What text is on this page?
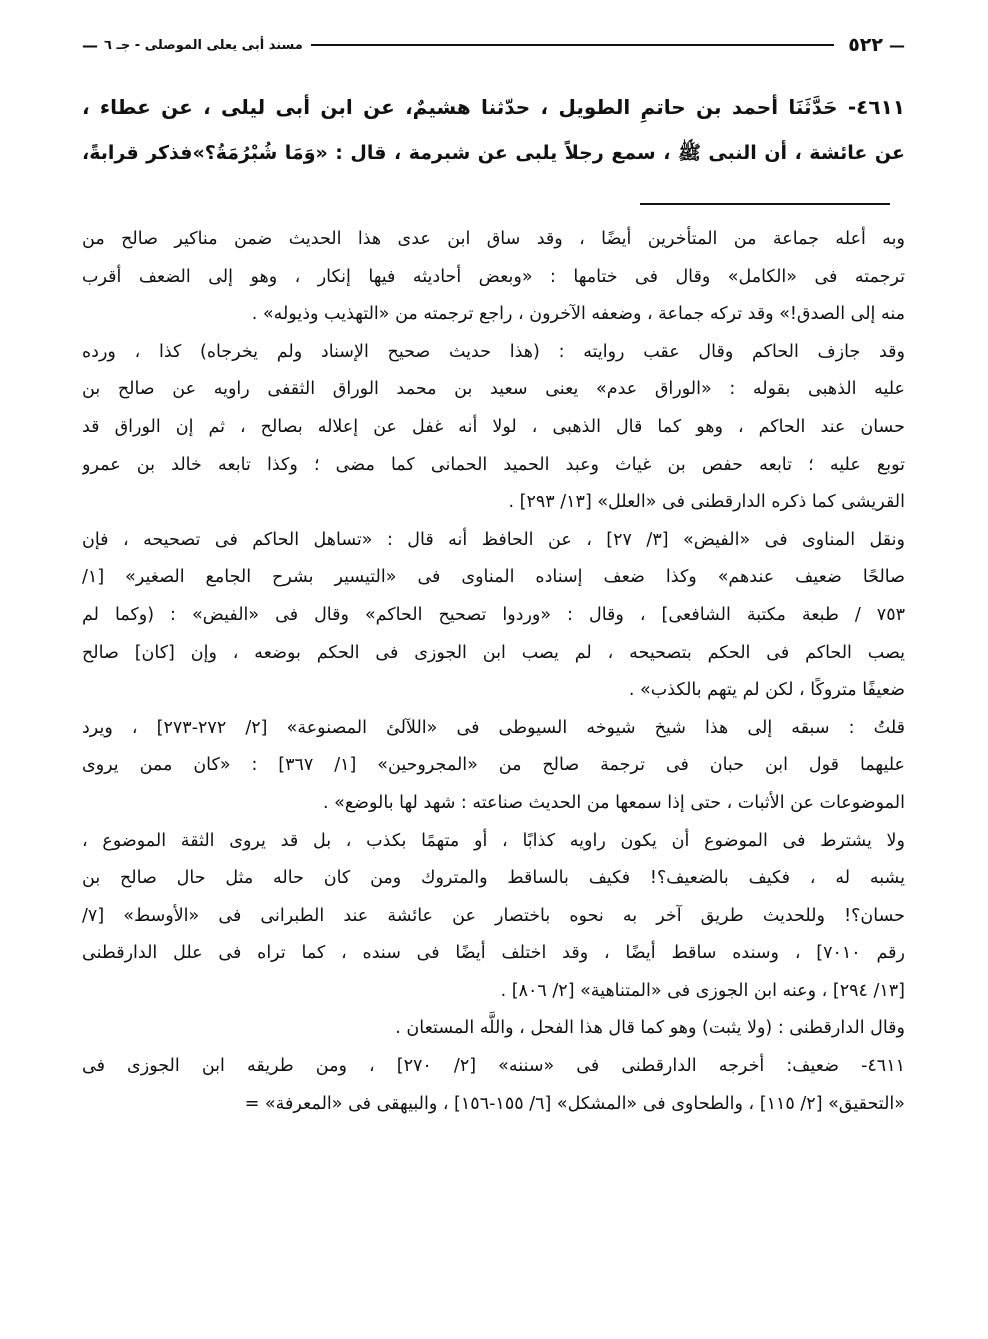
—
٥٢٢
مسند أبى يعلى الموصلى - جـ ٦
—
٤٦١١- حَدَّثَنَا أحمد بن حاتمِ الطويل ، حدّثنا هشيمٌ، عن ابن أبى ليلى ، عن عطاء ،
عن عائشة ، أن النبى ﷺ ، سمع رجلاً يلبى عن شبرمة ، قال : «وَمَا شُبْرُمَةُ؟»فذكر قرابةً،
وبه أعله جماعة من المتأخرين أيضًا ، وقد ساق ابن عدى هذا الحديث ضمن مناكير صالح من
ترجمته فى «الكامل» وقال فى ختامها : «وبعض أحاديثه فيها إنكار ، وهو إلى الضعف أقرب
منه إلى الصدق!» وقد تركه جماعة ، وضعفه الآخرون ، راجع ترجمته من «التهذيب وذيوله» .
وقد جازف الحاكم وقال عقب روايته : (هذا حديث صحيح الإسناد ولم يخرجاه) كذا ، ورده
عليه الذهبى بقوله : «الوراق عدم» يعنى سعيد بن محمد الوراق الثقفى راويه عن صالح بن
حسان عند الحاكم ، وهو كما قال الذهبى ، لولا أنه غفل عن إعلاله بصالح ، ثم إن الوراق قد
توبع عليه ؛ تابعه حفص بن غياث وعبد الحميد الحمانى كما مضى ؛ وكذا تابعه خالد بن عمرو
القريشى كما ذكره الدارقطنى فى «العلل» [١٣/ ٢٩٣] .
ونقل المناوى فى «الفيض» [٣/ ٢٧] ، عن الحافظ أنه قال : «تساهل الحاكم فى تصحيحه ، فإن
صالحًا ضعيف عندهم» وكذا ضعف إسناده المناوى فى «التيسير بشرح الجامع الصغير» [١/
٧٥٣ / طبعة مكتبة الشافعى] ، وقال : «وردوا تصحيح الحاكم» وقال فى «الفيض» : (وكما لم
يصب الحاكم فى الحكم بتصحيحه ، لم يصب ابن الجوزى فى الحكم بوضعه ، وإن [كان] صالح
ضعيفًا متروكًا ، لكن لم يتهم بالكذب» .
قلتُ : سبقه إلى هذا شيخ شيوخه السيوطى فى «اللآلئ المصنوعة» [٢/ ٢٧٢-٢٧٣] ، ويرد
عليهما قول ابن حبان فى ترجمة صالح من «المجروحين» [١/ ٣٦٧] : «كان ممن يروى
الموضوعات عن الأثبات ، حتى إذا سمعها من الحديث صناعته : شهد لها بالوضع» .
ولا يشترط فى الموضوع أن يكون راويه كذابًا ، أو متهمًا بكذب ، بل قد يروى الثقة الموضوع ،
يشبه له ، فكيف بالضعيف؟! فكيف بالساقط والمتروك ومن كان حاله مثل حال صالح بن
حسان؟! وللحديث طريق آخر به نحوه باختصار عن عائشة عند الطبرانى فى «الأوسط» [٧/
رقم ٧٠١٠] ، وسنده ساقط أيضًا ، وقد اختلف أيضًا فى سنده ، كما تراه فى علل الدارقطنى
[١٣/ ٢٩٤] ، وعنه ابن الجوزى فى «المتناهية» [٢/ ٨٠٦] .
وقال الدارقطنى : (ولا يثبت) وهو كما قال هذا الفحل ، واللَّه المستعان .
٤٦١١- ضعيف: أخرجه الدارقطنى فى «سننه» [٢/ ٢٧٠] ، ومن طريقه ابن الجوزى فى
«التحقيق» [٢/ ١١٥] ، والطحاوى فى «المشكل» [٦/ ١٥٥-١٥٦] ، والبيهقى فى «المعرفة» =
